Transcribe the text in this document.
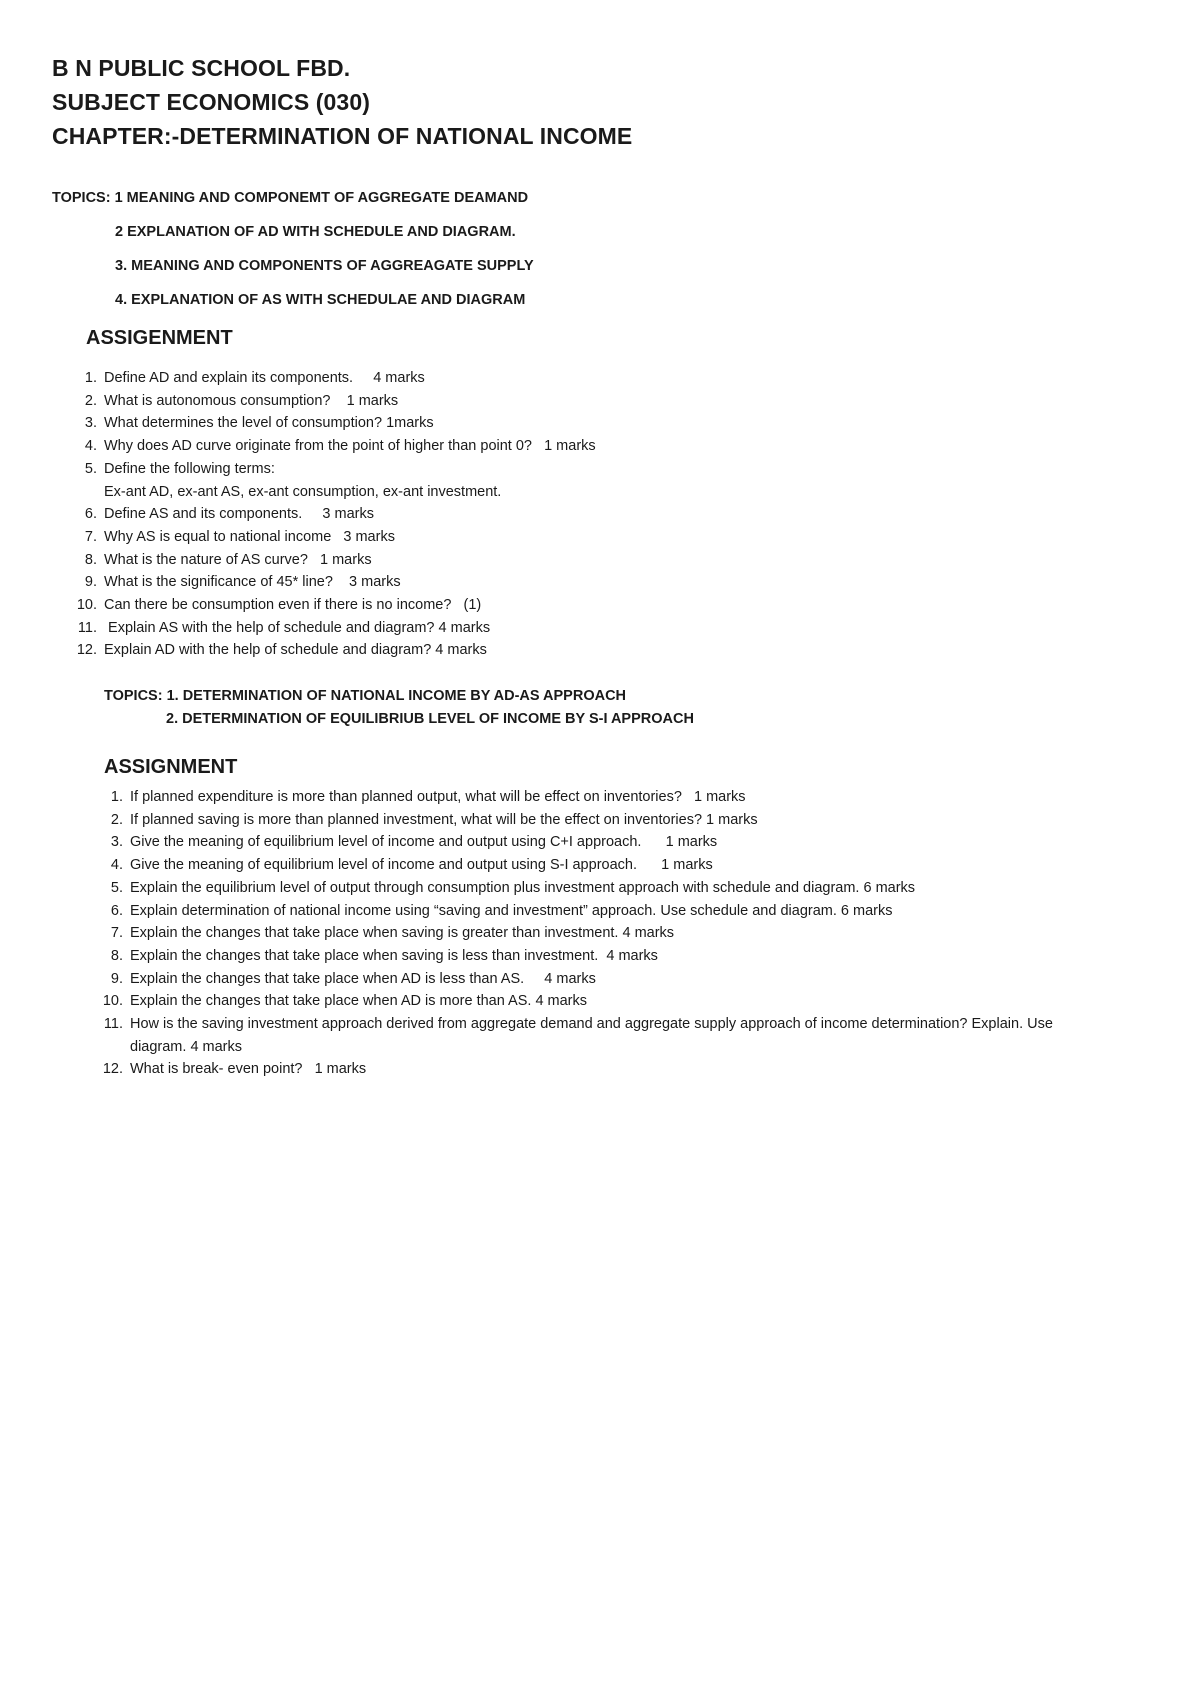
B N PUBLIC SCHOOL FBD.
SUBJECT ECONOMICS (030)
CHAPTER:-DETERMINATION OF NATIONAL INCOME
TOPICS: 1 MEANING AND COMPONEMT OF AGGREGATE DEAMAND
2 EXPLANATION OF AD WITH SCHEDULE AND DIAGRAM.
3. MEANING AND COMPONENTS OF AGGREAGATE SUPPLY
4. EXPLANATION OF AS WITH SCHEDULAE AND DIAGRAM
ASSIGENMENT
1. Define AD and explain its components.     4 marks
2. What is autonomous consumption?    1 marks
3. What determines the level of consumption? 1marks
4. Why does AD curve originate from the point of higher than point 0?   1 marks
5. Define the following terms:
Ex-ant AD, ex-ant AS, ex-ant consumption, ex-ant investment.
6. Define AS and its components.     3 marks
7. Why AS is equal to national income   3 marks
8. What is the nature of AS curve?   1 marks
9. What is the significance of 45* line?    3 marks
10. Can there be consumption even if there is no income?   (1)
11. Explain AS with the help of schedule and diagram? 4 marks
12. Explain AD with the help of schedule and diagram? 4 marks
TOPICS: 1. DETERMINATION OF NATIONAL INCOME BY AD-AS APPROACH
2. DETERMINATION OF EQUILIBRIUB LEVEL OF INCOME BY S-I APPROACH
ASSIGNMENT
1. If planned expenditure is more than planned output, what will be effect on inventories?   1 marks
2. If planned saving is more than planned investment, what will be the effect on inventories? 1 marks
3. Give the meaning of equilibrium level of income and output using C+I approach.      1 marks
4. Give the meaning of equilibrium level of income and output using S-I approach.      1 marks
5. Explain the equilibrium level of output through consumption plus investment approach with schedule and diagram. 6 marks
6. Explain determination of national income using “saving and investment” approach. Use schedule and diagram. 6 marks
7. Explain the changes that take place when saving is greater than investment. 4 marks
8. Explain the changes that take place when saving is less than investment.  4 marks
9. Explain the changes that take place when AD is less than AS.     4 marks
10. Explain the changes that take place when AD is more than AS. 4 marks
11. How is the saving investment approach derived from aggregate demand and aggregate supply approach of income determination? Explain. Use
diagram. 4 marks
12. What is break- even point?   1 marks
